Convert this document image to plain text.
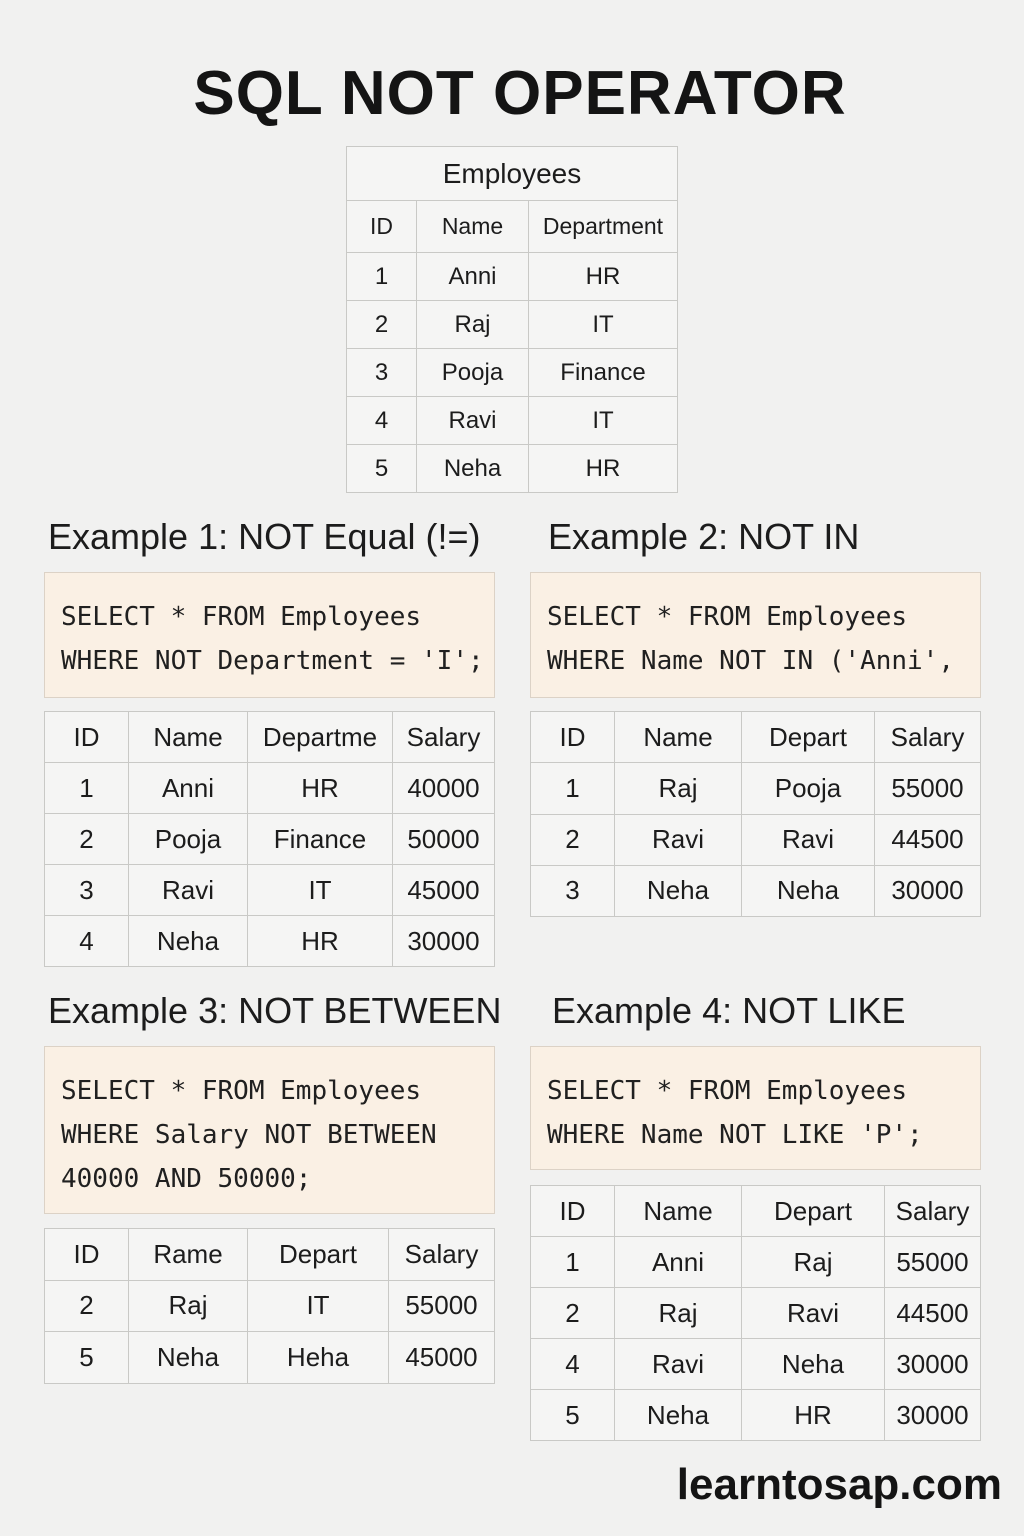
SQL NOT OPERATOR
Employees
ID	Name	Department
1	Anni	HR
2	Raj	IT
3	Pooja	Finance
4	Ravi	IT
5	Neha	HR
Example 1: NOT Equal (!=)
SELECT * FROM Employees
WHERE NOT Department = 'I';
ID	Name	Departme	Salary
1	Anni	HR	40000
2	Pooja	Finance	50000
3	Ravi	IT	45000
4	Neha	HR	30000
Example 2: NOT IN
SELECT * FROM Employees
WHERE Name NOT IN ('Anni',
ID	Name	Depart	Salary
1	Raj	Pooja	55000
2	Ravi	Ravi	44500
3	Neha	Neha	30000
Example 3: NOT BETWEEN
SELECT * FROM Employees
WHERE Salary NOT BETWEEN
40000 AND 50000;
ID	Rame	Depart	Salary
2	Raj	IT	55000
5	Neha	Heha	45000
Example 4: NOT LIKE
SELECT * FROM Employees
WHERE Name NOT LIKE 'P';
ID	Name	Depart	Salary
1	Anni	Raj	55000
2	Raj	Ravi	44500
4	Ravi	Neha	30000
5	Neha	HR	30000
learntosap.com
